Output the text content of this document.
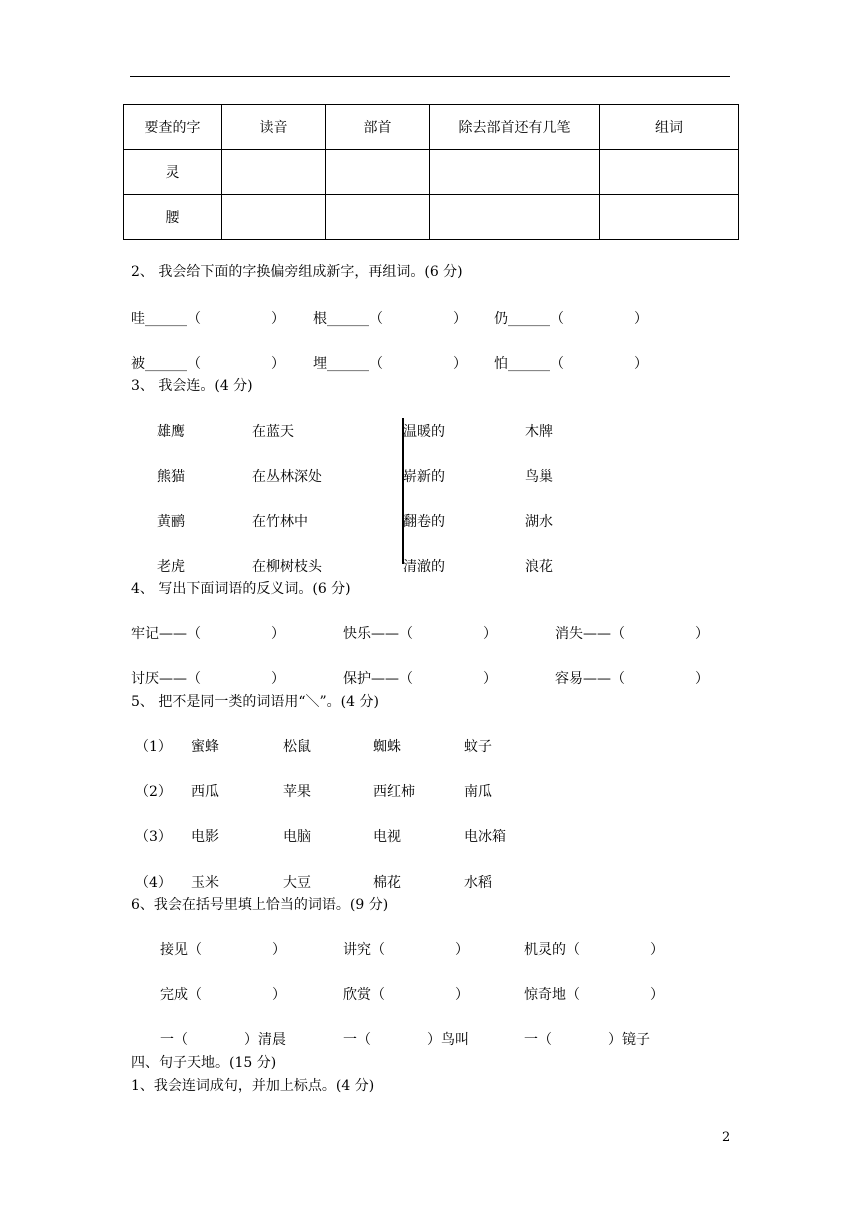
要查的字	读音	部首	除去部首还有几笔	组词
灵				
腰				
2、 我会给下面的字换偏旁组成新字，再组词。(6 分)
哇______（　　　　　） 根______（　　　　　） 仍______（　　　　　）
被______（　　　　　） 埋______（　　　　　） 怕______（　　　　　）
3、 我会连。(4 分)
雄鹰	在蓝天	温暖的	木牌
熊猫	在丛林深处	崭新的	鸟巢
黄鹂	在竹林中	翻卷的	湖水
老虎	在柳树枝头	清澈的	浪花
4、 写出下面词语的反义词。(6 分)
牢记——（　　　　　）	快乐——（　　　　　）	消失——（　　　　　）
讨厌——（　　　　　）	保护——（　　　　　）	容易——（　　　　　）
5、 把不是同一类的词语用“＼”。(4 分)
（1） 蜜蜂	松鼠	蜘蛛	蚊子
（2） 西瓜	苹果	西红柿	南瓜
（3） 电影	电脑	电视	电冰箱
（4） 玉米	大豆	棉花	水稻
6、我会在括号里填上恰当的词语。(9 分)
接见（　　　　　）	讲究（　　　　　）	机灵的（　　　　　）
完成（　　　　　）	欣赏（　　　　　）	惊奇地（　　　　　）
一（　　　　）清晨	一（　　　　）鸟叫	一（　　　　）镜子
四、句子天地。(15 分)
1、我会连词成句，并加上标点。(4 分)
2
